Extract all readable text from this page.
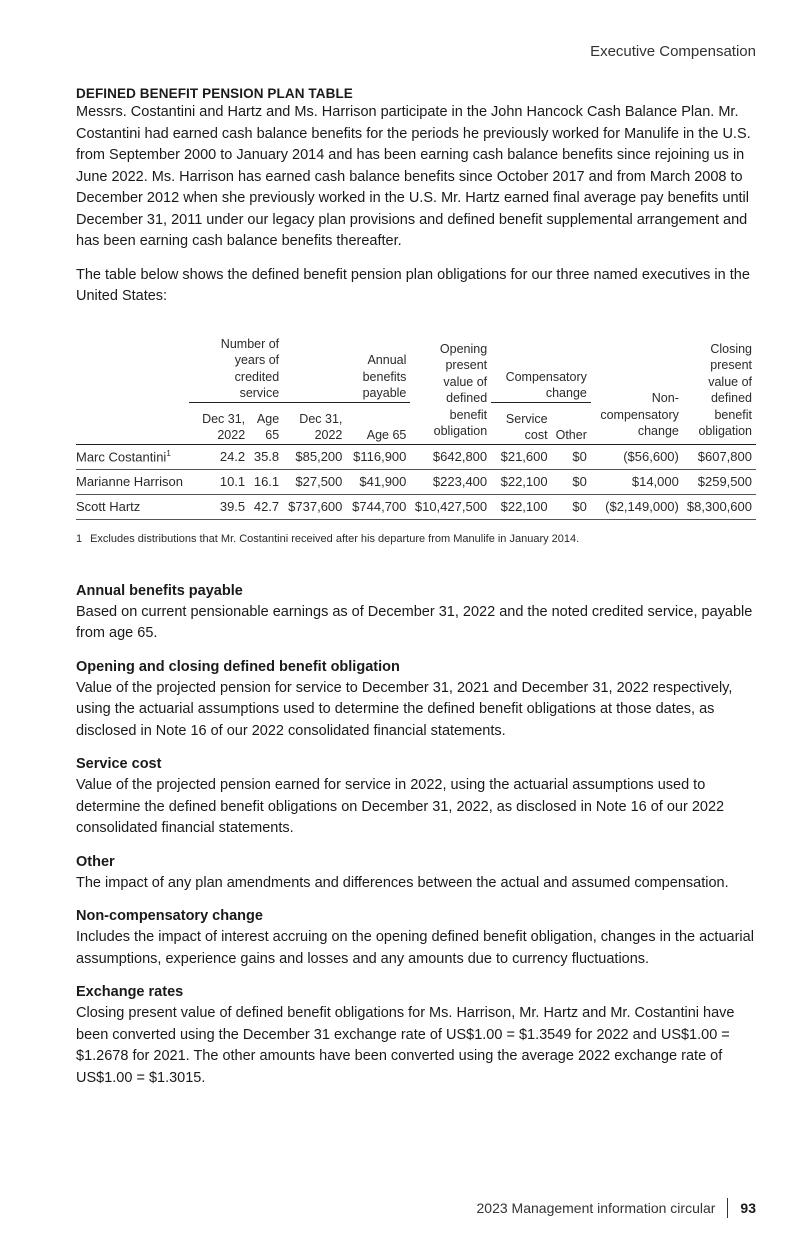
Executive Compensation
DEFINED BENEFIT PENSION PLAN TABLE

Messrs. Costantini and Hartz and Ms. Harrison participate in the John Hancock Cash Balance Plan. Mr. Costantini had earned cash balance benefits for the periods he previously worked for Manulife in the U.S. from September 2000 to January 2014 and has been earning cash balance benefits since rejoining us in June 2022. Ms. Harrison has earned cash balance benefits since October 2017 and from March 2008 to December 2012 when she previously worked in the U.S. Mr. Hartz earned final average pay benefits until December 31, 2011 under our legacy plan provisions and defined benefit supplemental arrangement and has been earning cash balance benefits thereafter.

The table below shows the defined benefit pension plan obligations for our three named executives in the United States:

	Number of years of credited service			Annual benefits payable	Opening present value of defined benefit obligation	Compensatory change		Non-compensatory change	Closing present value of defined benefit obligation

	Dec 31, 2022	Age 65	Dec 31, 2022	Age 65		Service cost	Other		
Marc Costantini$^1$	24.2	35.8	$85,200	$116,900	$642,800	$21,600	$0	($56,600)	$607,800
Marianne Harrison	10.1	16.1	$27,500	$41,900	$223,400	$22,100	$0	$14,000	$259,500
Scott Hartz	39.5	42.7	$737,600	$744,700	$10,427,500	$22,100	$0	($2,149,000)	$8,300,600
1 Excludes distributions that Mr. Costantini received after his departure from Manulife in January 2014.
Annual benefits payable

Based on current pensionable earnings as of December 31, 2022 and the noted credited service, payable from age 65.

Opening and closing defined benefit obligation

Value of the projected pension for service to December 31, 2021 and December 31, 2022 respectively, using the actuarial assumptions used to determine the defined benefit obligations at those dates, as disclosed in Note 16 of our 2022 consolidated financial statements.

Service cost

Value of the projected pension earned for service in 2022, using the actuarial assumptions used to determine the defined benefit obligations on December 31, 2022, as disclosed in Note 16 of our 2022 consolidated financial statements.

Other

The impact of any plan amendments and differences between the actual and assumed compensation.

Non-compensatory change

Includes the impact of interest accruing on the opening defined benefit obligation, changes in the actuarial assumptions, experience gains and losses and any amounts due to currency fluctuations.

Exchange rates

Closing present value of defined benefit obligations for Ms. Harrison, Mr. Hartz and Mr. Costantini have been converted using the December 31 exchange rate of US$1.00 = $1.3549 for 2022 and US$1.00 = $1.2678 for 2021. The other amounts have been converted using the average 2022 exchange rate of US$1.00 = $1.3015.

2023 Management information circular 93
